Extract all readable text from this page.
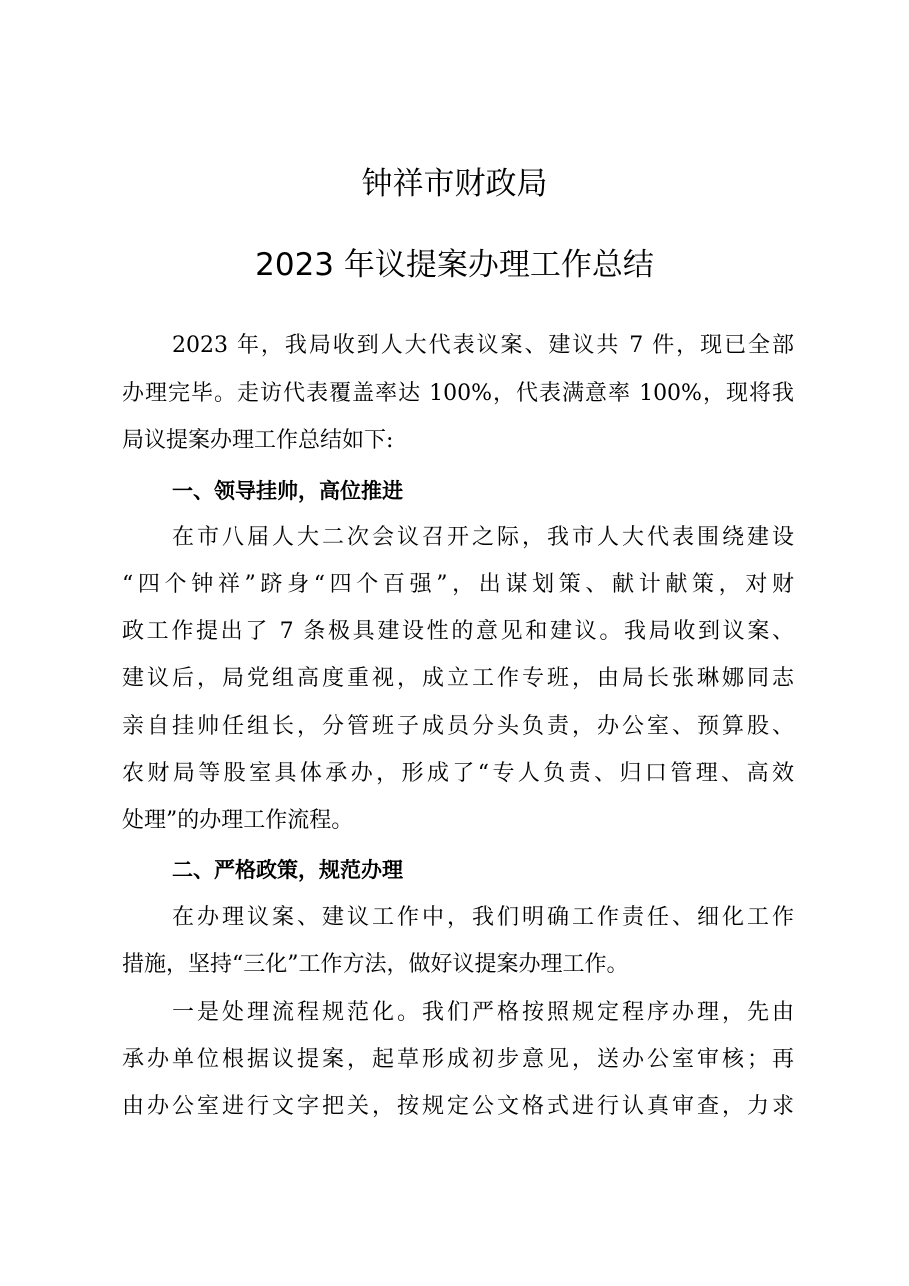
钟祥市财政局
2023 年议提案办理工作总结
2023 年，我局收到人大代表议案、建议共 7 件，现已全部
办理完毕。走访代表覆盖率达 100%，代表满意率 100%，现将我
局议提案办理工作总结如下:
一、领导挂帅，高位推进
在市八届人大二次会议召开之际，我市人大代表围绕建设
“四个钟祥”跻身“四个百强”，出谋划策、献计献策，对财
政工作提出了 7 条极具建设性的意见和建议。我局收到议案、
建议后，局党组高度重视，成立工作专班，由局长张琳娜同志
亲自挂帅任组长，分管班子成员分头负责，办公室、预算股、
农财局等股室具体承办，形成了“专人负责、归口管理、高效
处理”的办理工作流程。
二、严格政策，规范办理
在办理议案、建议工作中，我们明确工作责任、细化工作
措施，坚持“三化”工作方法，做好议提案办理工作。
一是处理流程规范化。我们严格按照规定程序办理，先由
承办单位根据议提案，起草形成初步意见，送办公室审核；再
由办公室进行文字把关，按规定公文格式进行认真审查，力求
